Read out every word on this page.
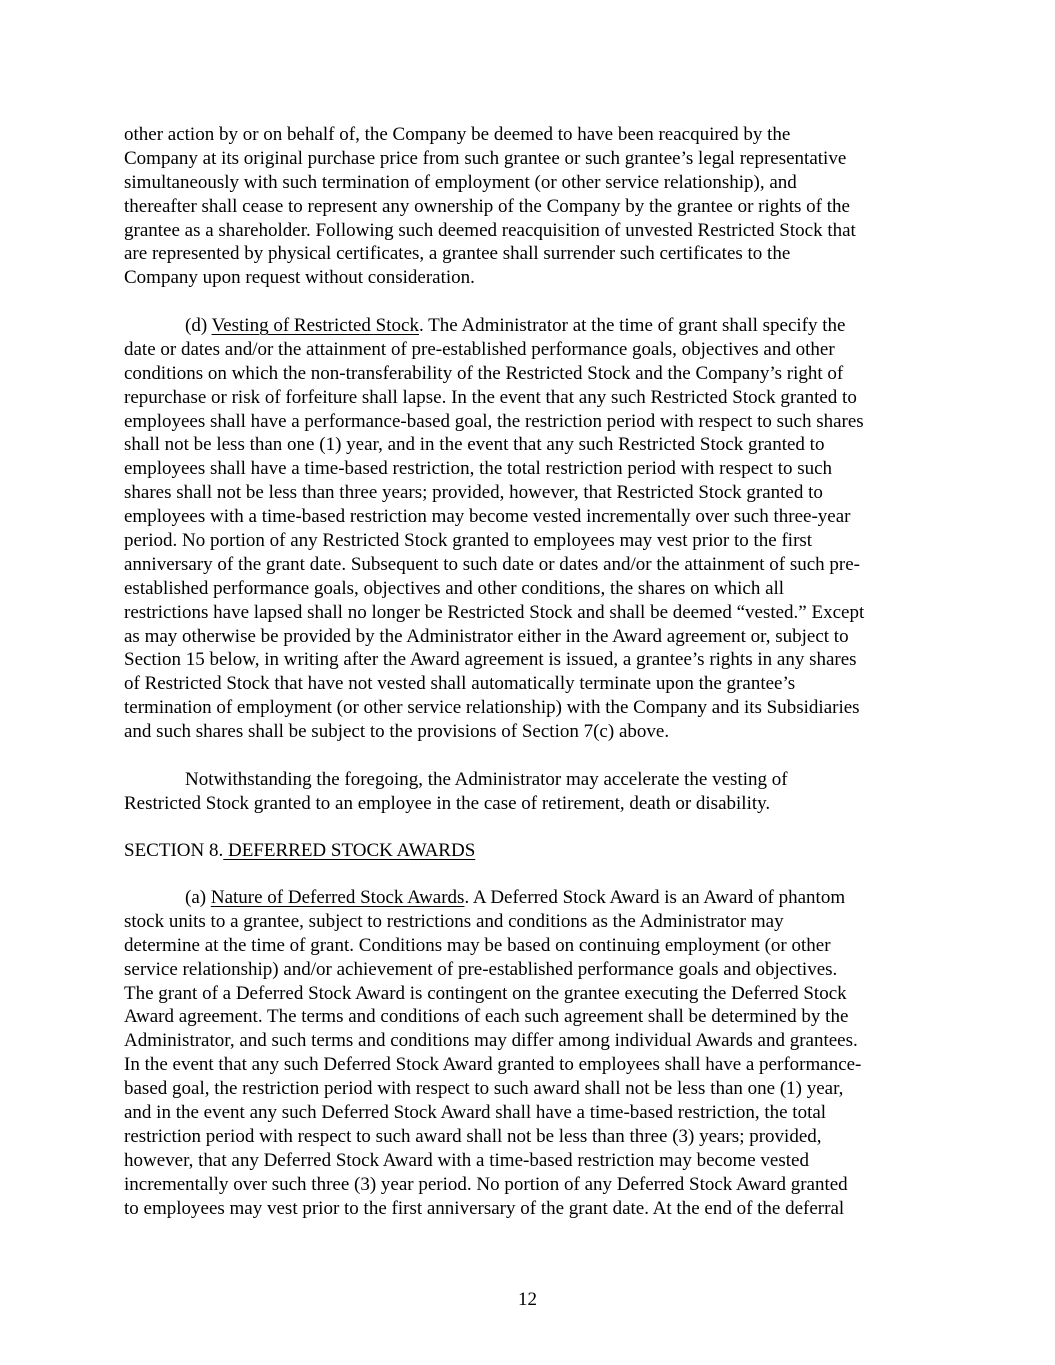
other action by or on behalf of, the Company be deemed to have been reacquired by the
Company at its original purchase price from such grantee or such grantee’s legal representative
simultaneously with such termination of employment (or other service relationship), and
thereafter shall cease to represent any ownership of the Company by the grantee or rights of the
grantee as a shareholder. Following such deemed reacquisition of unvested Restricted Stock that
are represented by physical certificates, a grantee shall surrender such certificates to the
Company upon request without consideration.
(d) Vesting of Restricted Stock. The Administrator at the time of grant shall specify the
date or dates and/or the attainment of pre-established performance goals, objectives and other
conditions on which the non-transferability of the Restricted Stock and the Company’s right of
repurchase or risk of forfeiture shall lapse. In the event that any such Restricted Stock granted to
employees shall have a performance-based goal, the restriction period with respect to such shares
shall not be less than one (1) year, and in the event that any such Restricted Stock granted to
employees shall have a time-based restriction, the total restriction period with respect to such
shares shall not be less than three years; provided, however, that Restricted Stock granted to
employees with a time-based restriction may become vested incrementally over such three-year
period. No portion of any Restricted Stock granted to employees may vest prior to the first
anniversary of the grant date. Subsequent to such date or dates and/or the attainment of such pre-
established performance goals, objectives and other conditions, the shares on which all
restrictions have lapsed shall no longer be Restricted Stock and shall be deemed “vested.” Except
as may otherwise be provided by the Administrator either in the Award agreement or, subject to
Section 15 below, in writing after the Award agreement is issued, a grantee’s rights in any shares
of Restricted Stock that have not vested shall automatically terminate upon the grantee’s
termination of employment (or other service relationship) with the Company and its Subsidiaries
and such shares shall be subject to the provisions of Section 7(c) above.
Notwithstanding the foregoing, the Administrator may accelerate the vesting of
Restricted Stock granted to an employee in the case of retirement, death or disability.
SECTION 8. DEFERRED STOCK AWARDS
(a) Nature of Deferred Stock Awards. A Deferred Stock Award is an Award of phantom
stock units to a grantee, subject to restrictions and conditions as the Administrator may
determine at the time of grant. Conditions may be based on continuing employment (or other
service relationship) and/or achievement of pre-established performance goals and objectives.
The grant of a Deferred Stock Award is contingent on the grantee executing the Deferred Stock
Award agreement. The terms and conditions of each such agreement shall be determined by the
Administrator, and such terms and conditions may differ among individual Awards and grantees.
In the event that any such Deferred Stock Award granted to employees shall have a performance-
based goal, the restriction period with respect to such award shall not be less than one (1) year,
and in the event any such Deferred Stock Award shall have a time-based restriction, the total
restriction period with respect to such award shall not be less than three (3) years; provided,
however, that any Deferred Stock Award with a time-based restriction may become vested
incrementally over such three (3) year period. No portion of any Deferred Stock Award granted
to employees may vest prior to the first anniversary of the grant date. At the end of the deferral
12
